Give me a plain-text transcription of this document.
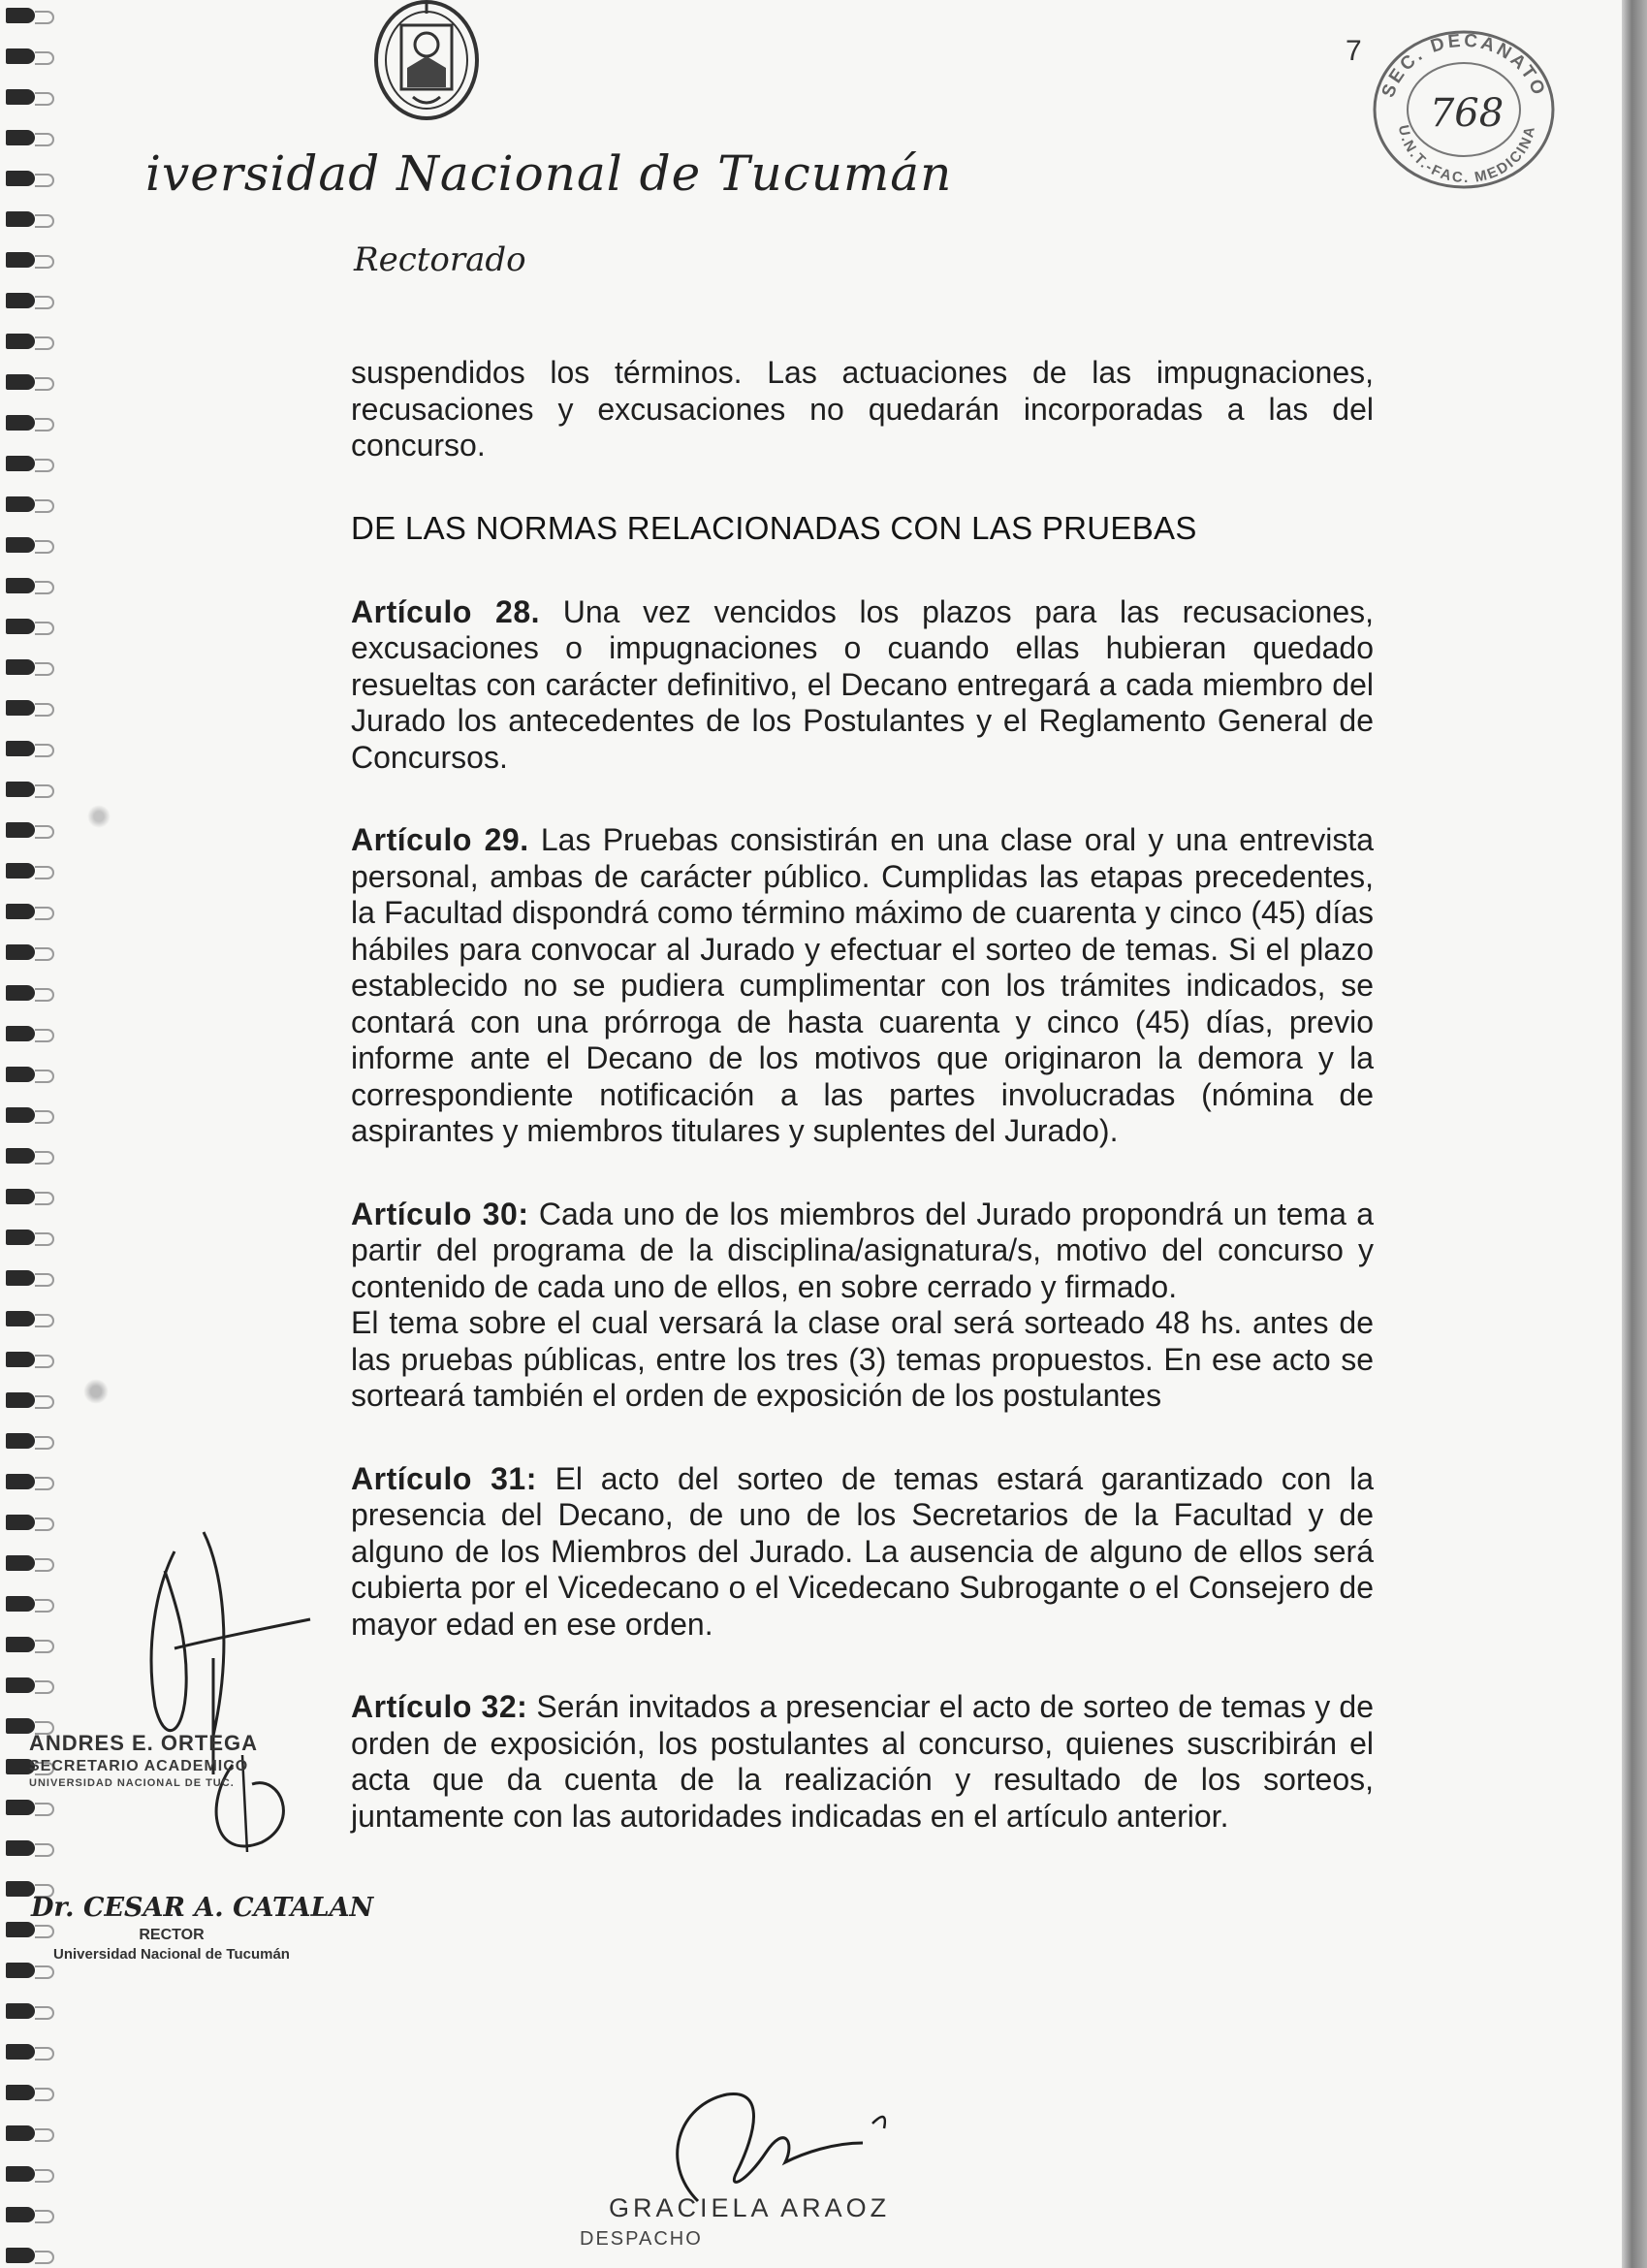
iversidad Nacional de Tucumán
Rectorado
7
SEC. DECANATO
U.N.T.-FAC. MEDICINA
768

suspendidos los términos. Las actuaciones de las impugnaciones, recusaciones y excusaciones no quedarán incorporadas a las del concurso.

DE LAS NORMAS RELACIONADAS CON LAS PRUEBAS

Artículo 28. Una vez vencidos los plazos para las recusaciones, excusaciones o impugnaciones o cuando ellas hubieran quedado resueltas con carácter definitivo, el Decano entregará a cada miembro del Jurado los antecedentes de los Postulantes y el Reglamento General de Concursos.

Artículo 29. Las Pruebas consistirán en una clase oral y una entrevista personal, ambas de carácter público. Cumplidas las etapas precedentes, la Facultad dispondrá como término máximo de cuarenta y cinco (45) días hábiles para convocar al Jurado y efectuar el sorteo de temas. Si el plazo establecido no se pudiera cumplimentar con los trámites indicados, se contará con una prórroga de hasta cuarenta y cinco (45) días, previo informe ante el Decano de los motivos que originaron la demora y la correspondiente notificación a las partes involucradas (nómina de aspirantes y miembros titulares y suplentes del Jurado).

Artículo 30: Cada uno de los miembros del Jurado propondrá un tema a partir del programa de la disciplina/asignatura/s, motivo del concurso y contenido de cada uno de ellos, en sobre cerrado y firmado.

El tema sobre el cual versará la clase oral será sorteado 48 hs. antes de las pruebas públicas, entre los tres (3) temas propuestos. En ese acto se sorteará también el orden de exposición de los postulantes

Artículo 31: El acto del sorteo de temas estará garantizado con la presencia del Decano, de uno de los Secretarios de la Facultad y de alguno de los Miembros del Jurado. La ausencia de alguno de ellos será cubierta por el Vicedecano o el Vicedecano Subrogante o el Consejero de mayor edad en ese orden.

Artículo 32: Serán invitados a presenciar el acto de sorteo de temas y de orden de exposición, los postulantes al concurso, quienes suscribirán el acta que da cuenta de la realización y resultado de los sorteos, juntamente con las autoridades indicadas en el artículo anterior.

ANDRES E. ORTEGA
SECRETARIO ACADEMICO
UNIVERSIDAD NACIONAL DE TUC.
Dr. CESAR A. CATALAN
RECTOR
Universidad Nacional de Tucumán
GRACIELA ARAOZ
DESPACHO
